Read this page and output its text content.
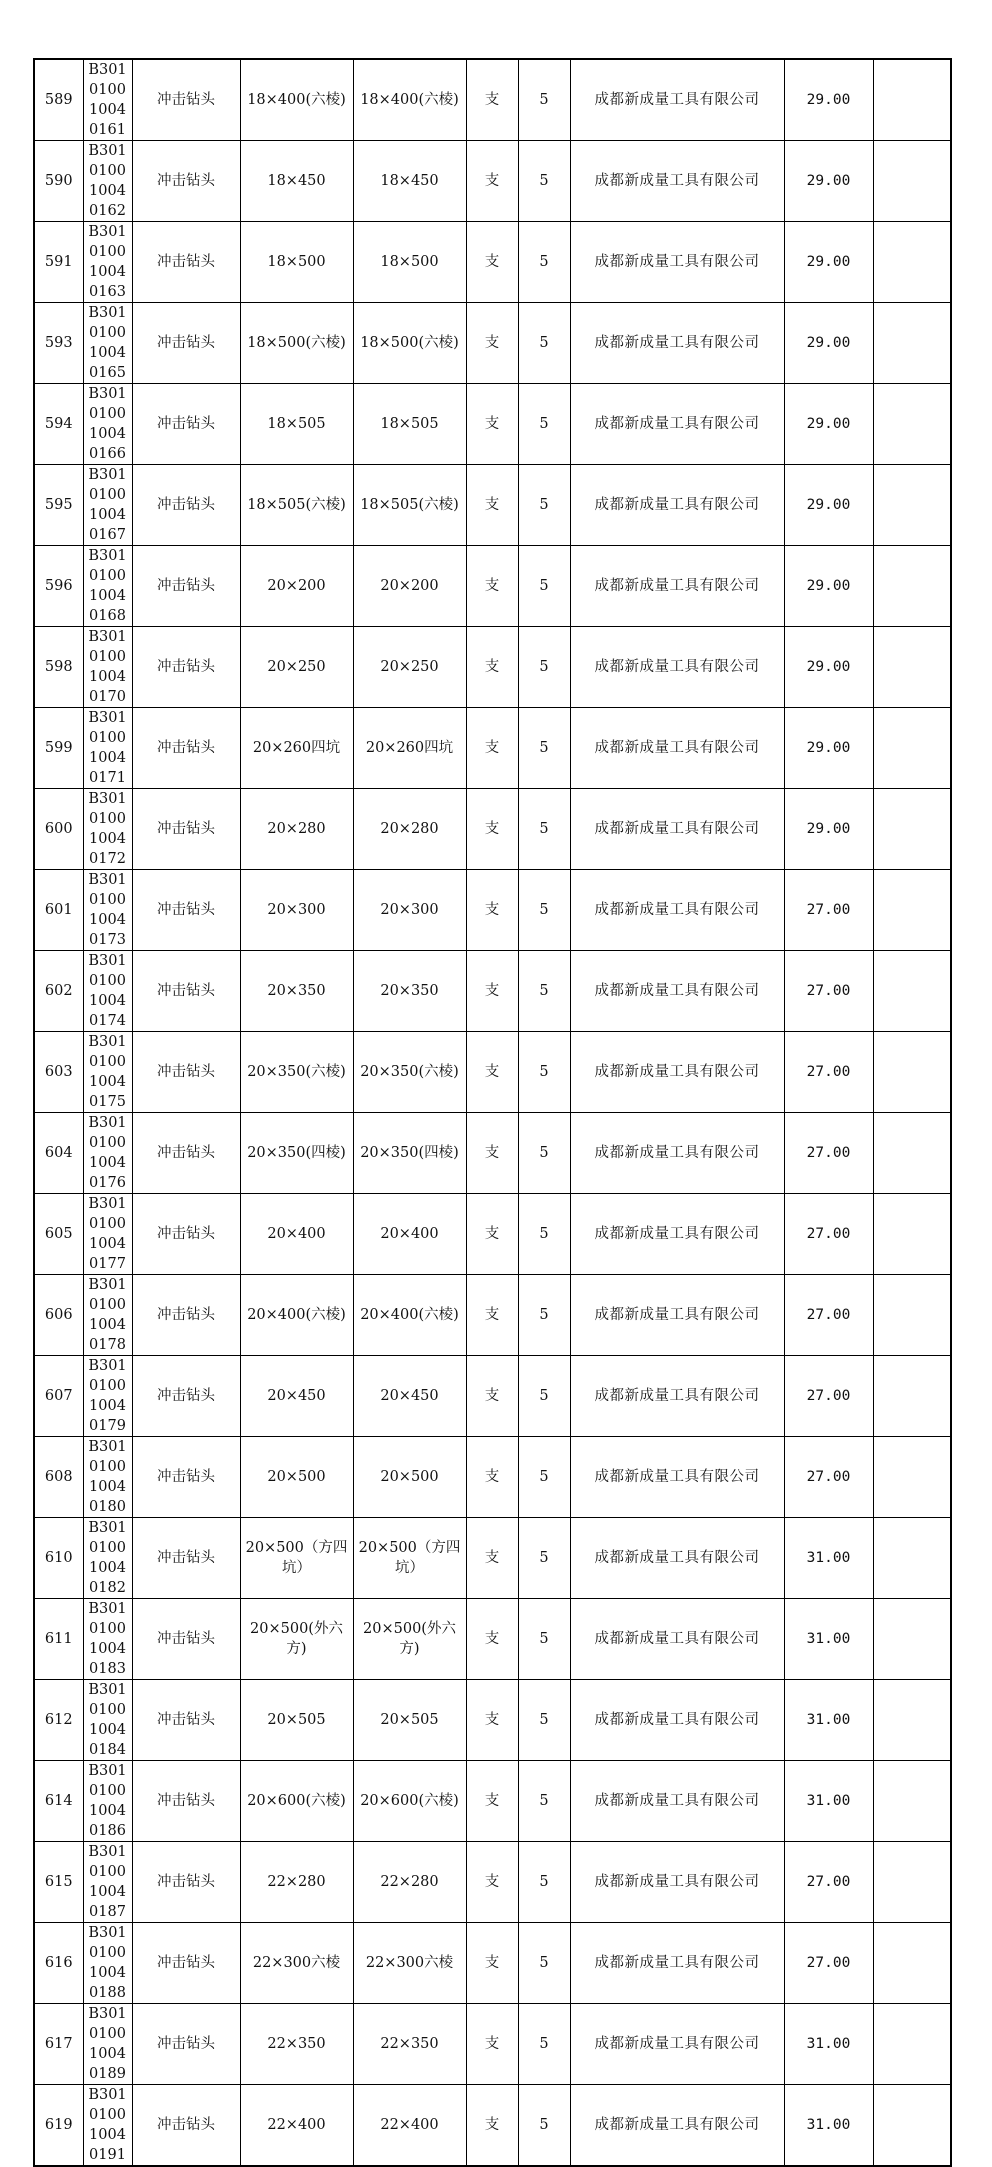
589	B301010010040161	冲击钻头	18×400(六棱)	18×400(六棱)	支	5	成都新成量工具有限公司	29.00	
590	B301010010040162	冲击钻头	18×450	18×450	支	5	成都新成量工具有限公司	29.00	
591	B301010010040163	冲击钻头	18×500	18×500	支	5	成都新成量工具有限公司	29.00	
593	B301010010040165	冲击钻头	18×500(六棱)	18×500(六棱)	支	5	成都新成量工具有限公司	29.00	
594	B301010010040166	冲击钻头	18×505	18×505	支	5	成都新成量工具有限公司	29.00	
595	B301010010040167	冲击钻头	18×505(六棱)	18×505(六棱)	支	5	成都新成量工具有限公司	29.00	
596	B301010010040168	冲击钻头	20×200	20×200	支	5	成都新成量工具有限公司	29.00	
598	B301010010040170	冲击钻头	20×250	20×250	支	5	成都新成量工具有限公司	29.00	
599	B301010010040171	冲击钻头	20×260四坑	20×260四坑	支	5	成都新成量工具有限公司	29.00	
600	B301010010040172	冲击钻头	20×280	20×280	支	5	成都新成量工具有限公司	29.00	
601	B301010010040173	冲击钻头	20×300	20×300	支	5	成都新成量工具有限公司	27.00	
602	B301010010040174	冲击钻头	20×350	20×350	支	5	成都新成量工具有限公司	27.00	
603	B301010010040175	冲击钻头	20×350(六棱)	20×350(六棱)	支	5	成都新成量工具有限公司	27.00	
604	B301010010040176	冲击钻头	20×350(四棱)	20×350(四棱)	支	5	成都新成量工具有限公司	27.00	
605	B301010010040177	冲击钻头	20×400	20×400	支	5	成都新成量工具有限公司	27.00	
606	B301010010040178	冲击钻头	20×400(六棱)	20×400(六棱)	支	5	成都新成量工具有限公司	27.00	
607	B301010010040179	冲击钻头	20×450	20×450	支	5	成都新成量工具有限公司	27.00	
608	B301010010040180	冲击钻头	20×500	20×500	支	5	成都新成量工具有限公司	27.00	
610	B301010010040182	冲击钻头	20×500（方四坑）	20×500（方四坑）	支	5	成都新成量工具有限公司	31.00	
611	B301010010040183	冲击钻头	20×500(外六方)	20×500(外六方)	支	5	成都新成量工具有限公司	31.00	
612	B301010010040184	冲击钻头	20×505	20×505	支	5	成都新成量工具有限公司	31.00	
614	B301010010040186	冲击钻头	20×600(六棱)	20×600(六棱)	支	5	成都新成量工具有限公司	31.00	
615	B301010010040187	冲击钻头	22×280	22×280	支	5	成都新成量工具有限公司	27.00	
616	B301010010040188	冲击钻头	22×300六棱	22×300六棱	支	5	成都新成量工具有限公司	27.00	
617	B301010010040189	冲击钻头	22×350	22×350	支	5	成都新成量工具有限公司	31.00	
619	B301010010040191	冲击钻头	22×400	22×400	支	5	成都新成量工具有限公司	31.00	
